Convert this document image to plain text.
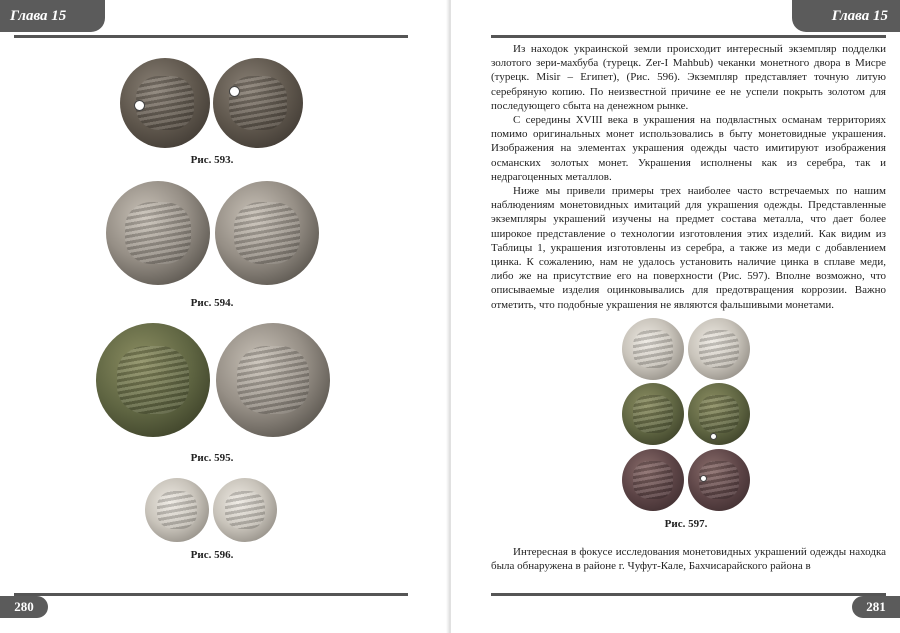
Глава 15
Рис. 593.
Рис. 594.
Рис. 595.
Рис. 596.
280
Глава 15
Из находок украинской земли происходит интересный экземпляр подделки золотого зери-махбуба (турецк. Zer-I Mahbub) чеканки монетного двора в Мисре (турецк. Misir – Египет), (Рис. 596). Экземпляр представляет точную литую серебряную копию. По неизвестной причине ее не успели покрыть золотом для последующего сбыта на денежном рынке.
С середины XVIII века в украшения на подвластных османам территориях помимо оригинальных монет использовались в быту монетовидные украшения. Изображения на элементах украшения одежды часто имитируют изображения османских золотых монет. Украшения исполнены как из серебра, так и недрагоценных металлов.
Ниже мы привели примеры трех наиболее часто встречаемых по нашим наблюдениям монетовидных имитаций для украшения одежды. Представленные экземпляры украшений изучены на предмет состава металла, что дает более широкое представление о технологии изготовления этих изделий. Как видим из Таблицы 1, украшения изготовлены из серебра, а также из меди с добавлением цинка. К сожалению, нам не удалось установить наличие цинка в сплаве меди, либо же на присутствие его на поверхности (Рис. 597). Вполне возможно, что описываемые изделия оцинковывались для предотвращения коррозии. Важно отметить, что подобные украшения не являются фальшивыми монетами.
Рис. 597.
Интересная в фокусе исследования монетовидных украшений одежды находка была обнаружена в районе г. Чуфут-Кале, Бахчисарайского района в
281
